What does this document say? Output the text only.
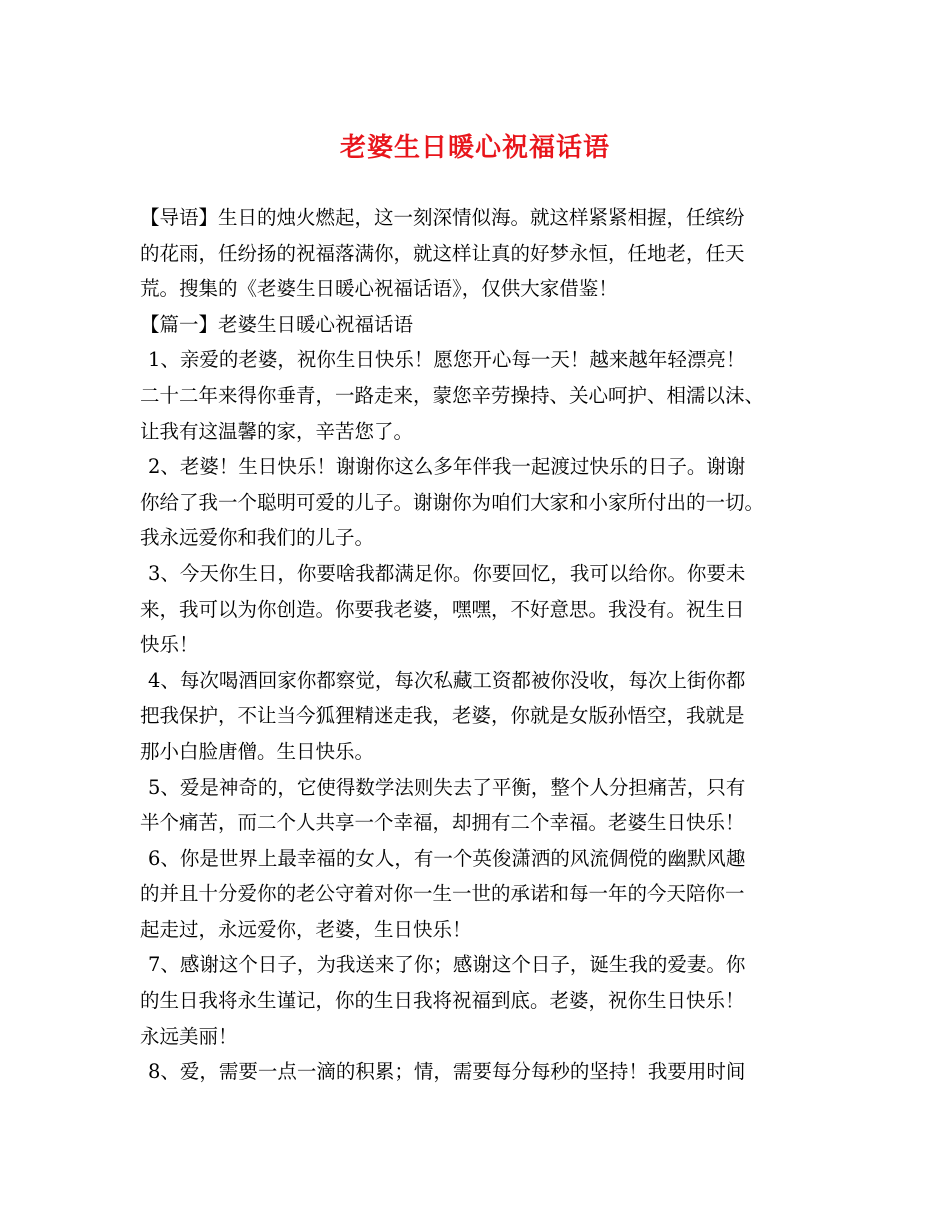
老婆生日暖心祝福话语
【导语】生日的烛火燃起，这一刻深情似海。就这样紧紧相握，任缤纷
的花雨，任纷扬的祝福落满你，就这样让真的好梦永恒，任地老，任天
荒。搜集的《老婆生日暖心祝福话语》，仅供大家借鉴！
【篇一】老婆生日暖心祝福话语
1、亲爱的老婆，祝你生日快乐！愿您开心每一天！越来越年轻漂亮！
二十二年来得你垂青，一路走来，蒙您辛劳操持、关心呵护、相濡以沫、
让我有这温馨的家，辛苦您了。
2、老婆！生日快乐！谢谢你这么多年伴我一起渡过快乐的日子。谢谢
你给了我一个聪明可爱的儿子。谢谢你为咱们大家和小家所付出的一切。
我永远爱你和我们的儿子。
3、今天你生日，你要啥我都满足你。你要回忆，我可以给你。你要未
来，我可以为你创造。你要我老婆，嘿嘿，不好意思。我没有。祝生日
快乐！
4、每次喝酒回家你都察觉，每次私藏工资都被你没收，每次上街你都
把我保护，不让当今狐狸精迷走我，老婆，你就是女版孙悟空，我就是
那小白脸唐僧。生日快乐。
5、爱是神奇的，它使得数学法则失去了平衡，整个人分担痛苦，只有
半个痛苦，而二个人共享一个幸福，却拥有二个幸福。老婆生日快乐！
6、你是世界上最幸福的女人，有一个英俊潇洒的风流倜傥的幽默风趣
的并且十分爱你的老公守着对你一生一世的承诺和每一年的今天陪你一
起走过，永远爱你，老婆，生日快乐！
7、感谢这个日子，为我送来了你；感谢这个日子，诞生我的爱妻。你
的生日我将永生谨记，你的生日我将祝福到底。老婆，祝你生日快乐！
永远美丽！
8、爱，需要一点一滴的积累；情，需要每分每秒的坚持！我要用时间
